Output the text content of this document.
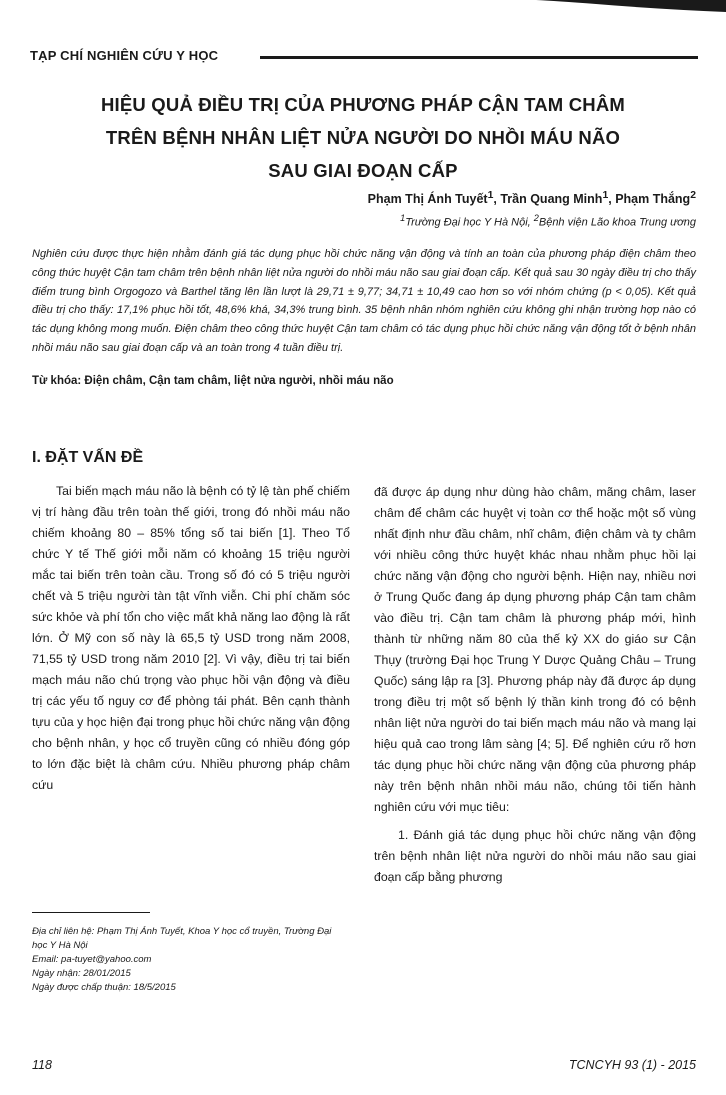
TẠP CHÍ NGHIÊN CỨU Y HỌC
HIỆU QUẢ ĐIỀU TRỊ CỦA PHƯƠNG PHÁP CẬN TAM CHÂM
TRÊN BỆNH NHÂN LIỆT NỬA NGƯỜI DO NHỒI MÁU NÃO
SAU GIAI ĐOẠN CẤP
Phạm Thị Ánh Tuyết$^1$, Trần Quang Minh$^1$, Phạm Thắng$^2$
$^1$Trường Đại học Y Hà Nội, $^2$Bệnh viện Lão khoa Trung ương
Nghiên cứu được thực hiện nhằm đánh giá tác dụng phục hồi chức năng vận động và tính an toàn của phương pháp điện châm theo công thức huyệt Cận tam châm trên bệnh nhân liệt nửa người do nhồi máu não sau giai đoạn cấp. Kết quả sau 30 ngày điều trị cho thấy điểm trung bình Orgogozo và Barthel tăng lên lần lượt là 29,71 ± 9,77; 34,71 ± 10,49 cao hơn so với nhóm chứng (p < 0,05). Kết quả điều trị cho thấy: 17,1% phục hồi tốt, 48,6% khá, 34,3% trung bình. 35 bệnh nhân nhóm nghiên cứu không ghi nhận trường hợp nào có tác dụng không mong muốn. Điện châm theo công thức huyệt Cận tam châm có tác dụng phục hồi chức năng vận động tốt ở bệnh nhân nhồi máu não sau giai đoạn cấp và an toàn trong 4 tuần điều trị.
Từ khóa: Điện châm, Cận tam châm, liệt nửa người, nhồi máu não
I. ĐẶT VẤN ĐỀ

Tai biến mạch máu não là bệnh có tỷ lệ tàn phế chiếm vị trí hàng đầu trên toàn thế giới, trong đó nhồi máu não chiếm khoảng 80 – 85% tổng số tai biến [1]. Theo Tổ chức Y tế Thế giới mỗi năm có khoảng 15 triệu người mắc tai biến trên toàn cầu. Trong số đó có 5 triệu người chết và 5 triệu người tàn tật vĩnh viễn. Chi phí chăm sóc sức khỏe và phí tổn cho việc mất khả năng lao động là rất lớn. Ở Mỹ con số này là 65,5 tỷ USD trong năm 2008, 71,55 tỷ USD trong năm 2010 [2]. Vì vậy, điều trị tai biến mạch máu não chú trọng vào phục hồi vận động và điều trị các yếu tố nguy cơ để phòng tái phát. Bên cạnh thành tựu của y học hiện đại trong phục hồi chức năng vận động cho bệnh nhân, y học cổ truyền cũng có nhiều đóng góp to lớn đặc biệt là châm cứu. Nhiều phương pháp châm cứu

đã được áp dụng như dùng hào châm, mãng châm, laser châm để châm các huyệt vị toàn cơ thể hoặc một số vùng nhất định như đầu châm, nhĩ châm, điện châm và ty châm với nhiều công thức huyệt khác nhau nhằm phục hồi lại chức năng vận động cho người bệnh. Hiện nay, nhiều nơi ở Trung Quốc đang áp dụng phương pháp Cận tam châm vào điều trị. Cận tam châm là phương pháp mới, hình thành từ những năm 80 của thế kỷ XX do giáo sư Cận Thụy (trường Đại học Trung Y Dược Quảng Châu – Trung Quốc) sáng lập ra [3]. Phương pháp này đã được áp dụng trong điều trị một số bệnh lý thần kinh trong đó có bệnh nhân liệt nửa người do tai biến mạch máu não và mang lại hiệu quả cao trong lâm sàng [4; 5]. Để nghiên cứu rõ hơn tác dụng phục hồi chức năng vận động của phương pháp này trên bệnh nhân nhồi máu não, chúng tôi tiến hành nghiên cứu với mục tiêu:

1. Đánh giá tác dụng phục hồi chức năng vận động trên bệnh nhân liệt nửa người do nhồi máu não sau giai đoạn cấp bằng phương

Địa chỉ liên hệ: Phạm Thị Ánh Tuyết, Khoa Y học cổ truyền, Trường Đại học Y Hà Nội
Email: pa-tuyet@yahoo.com
Ngày nhận: 28/01/2015
Ngày được chấp thuận: 18/5/2015
118	TCNCYH 93 (1) - 2015
